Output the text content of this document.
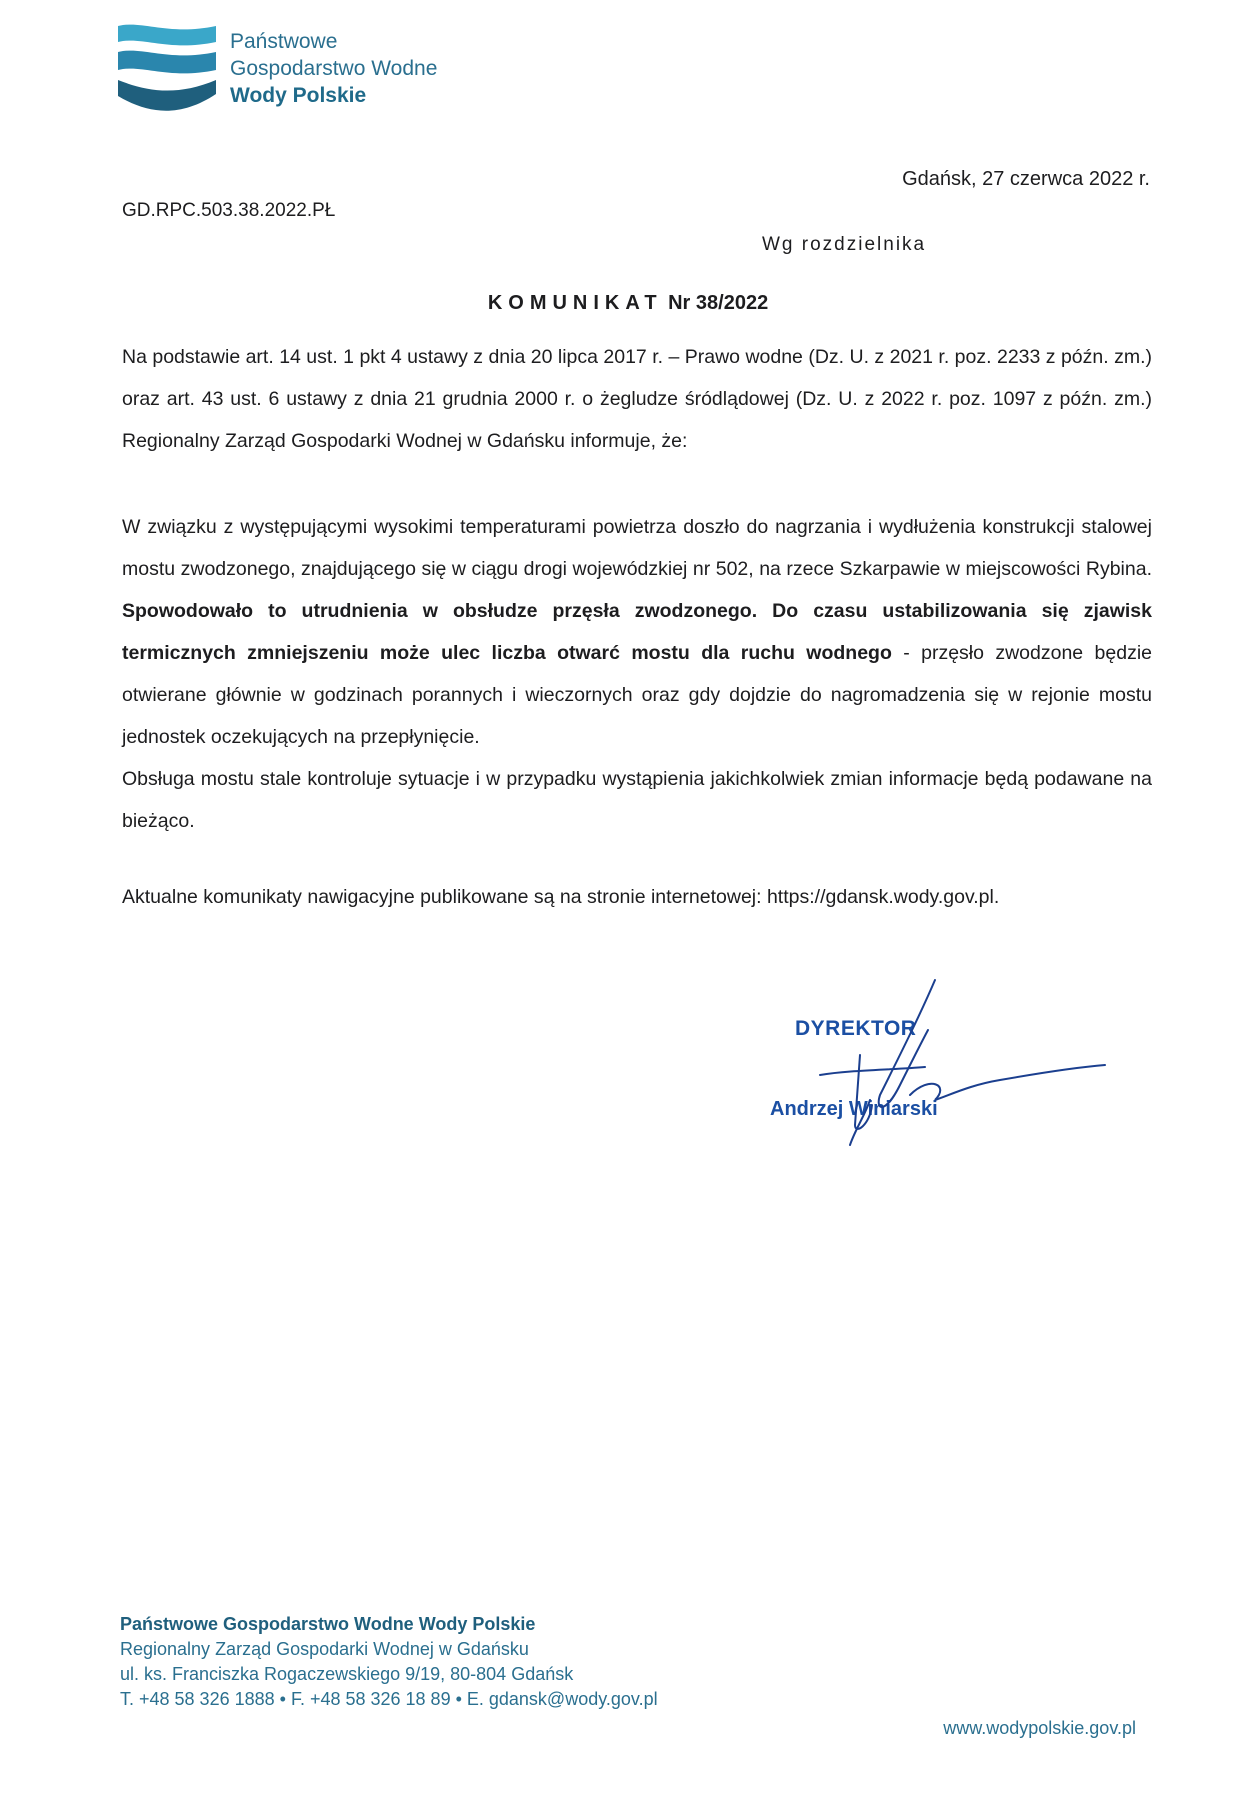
Państwowe
Gospodarstwo Wodne
Wody Polskie
Gdańsk, 27 czerwca 2022 r.
GD.RPC.503.38.2022.PŁ
Wg rozdzielnika
KOMUNIKAT Nr 38/2022
Na podstawie art. 14 ust. 1 pkt 4 ustawy z dnia 20 lipca 2017 r. – Prawo wodne (Dz. U. z 2021 r. poz. 2233 z późn. zm.) oraz art. 43 ust. 6 ustawy z dnia 21 grudnia 2000 r. o żegludze śródlądowej (Dz. U. z 2022 r. poz. 1097 z późn. zm.) Regionalny Zarząd Gospodarki Wodnej w Gdańsku informuje, że:
W związku z występującymi wysokimi temperaturami powietrza doszło do nagrzania i wydłużenia konstrukcji stalowej mostu zwodzonego, znajdującego się w ciągu drogi wojewódzkiej nr 502, na rzece Szkarpawie w miejscowości Rybina. Spowodowało to utrudnienia w obsłudze przęsła zwodzonego. Do czasu ustabilizowania się zjawisk termicznych zmniejszeniu może ulec liczba otwarć mostu dla ruchu wodnego - przęsło zwodzone będzie otwierane głównie w godzinach porannych i wieczornych oraz gdy dojdzie do nagromadzenia się w rejonie mostu jednostek oczekujących na przepłynięcie.
Obsługa mostu stale kontroluje sytuacje i w przypadku wystąpienia jakichkolwiek zmian informacje będą podawane na bieżąco.
Aktualne komunikaty nawigacyjne publikowane są na stronie internetowej: https://gdansk.wody.gov.pl.
DYREKTOR
Andrzej Winiarski
Państwowe Gospodarstwo Wodne Wody Polskie
Regionalny Zarząd Gospodarki Wodnej w Gdańsku
ul. ks. Franciszka Rogaczewskiego 9/19, 80-804 Gdańsk
T. +48 58 326 1888 • F. +48 58 326 18 89 • E. gdansk@wody.gov.pl
www.wodypolskie.gov.pl
